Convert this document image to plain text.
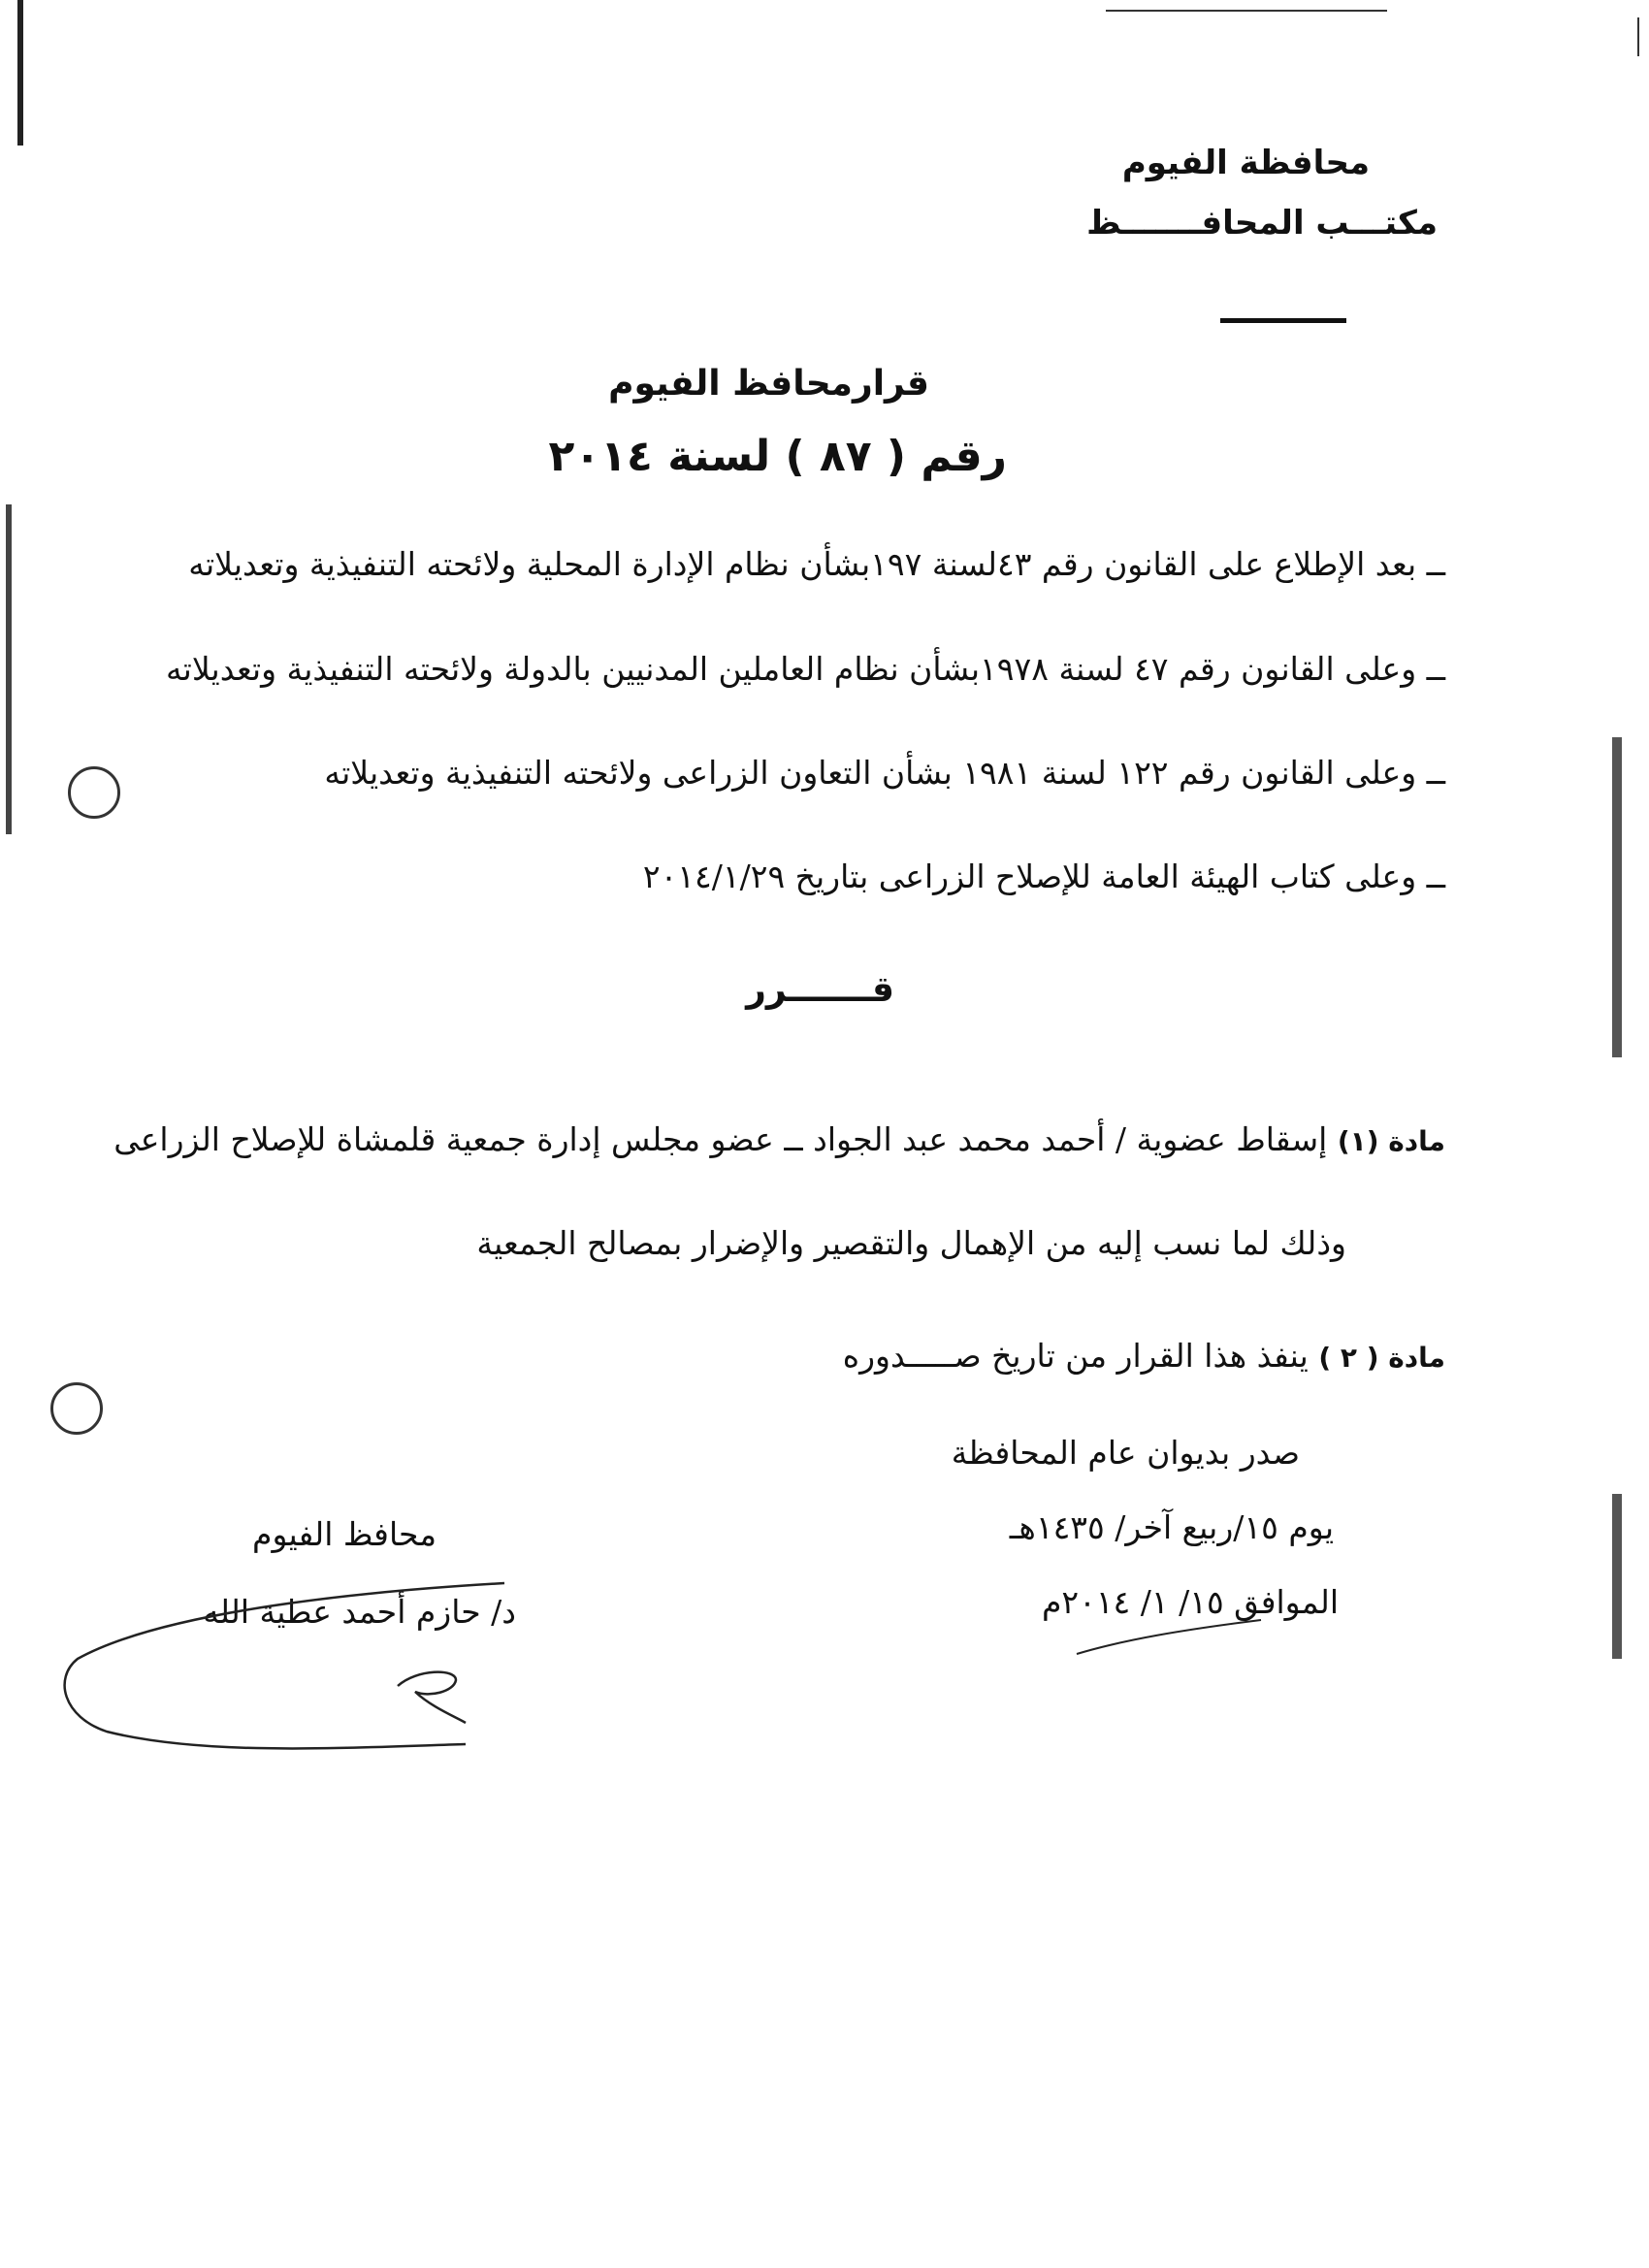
محافظة الفيوم
مكتـــب المحافـــــــظ
قرارمحافظ الفيوم
رقم ( ٨٧ ) لسنة ٢٠١٤
ــ بعد الإطلاع على القانون رقم ٤٣لسنة ١٩٧بشأن نظام الإدارة المحلية ولائحته التنفيذية وتعديلاته
ــ وعلى القانون رقم ٤٧ لسنة ١٩٧٨بشأن نظام العاملين المدنيين بالدولة ولائحته التنفيذية وتعديلاته
ــ وعلى القانون رقم ١٢٢ لسنة ١٩٨١ بشأن التعاون الزراعى ولائحته التنفيذية وتعديلاته
ــ وعلى كتاب الهيئة العامة للإصلاح الزراعى بتاريخ ٢٠١٤/١/٢٩
قـــــــرر
مادة (١) إسقاط عضوية / أحمد محمد عبد الجواد ــ عضو مجلس إدارة جمعية قلمشاة للإصلاح الزراعى
وذلك لما نسب إليه من الإهمال والتقصير والإضرار بمصالح الجمعية
مادة ( ٢ ) ينفذ هذا القرار من تاريخ صـــــدوره
صدر بديوان عام المحافظة
يوم ١٥/ربيع آخر/ ١٤٣٥هـ
الموافق ١٥/ ١/ ٢٠١٤م
محافظ الفيوم
د/ حازم أحمد عطية الله
